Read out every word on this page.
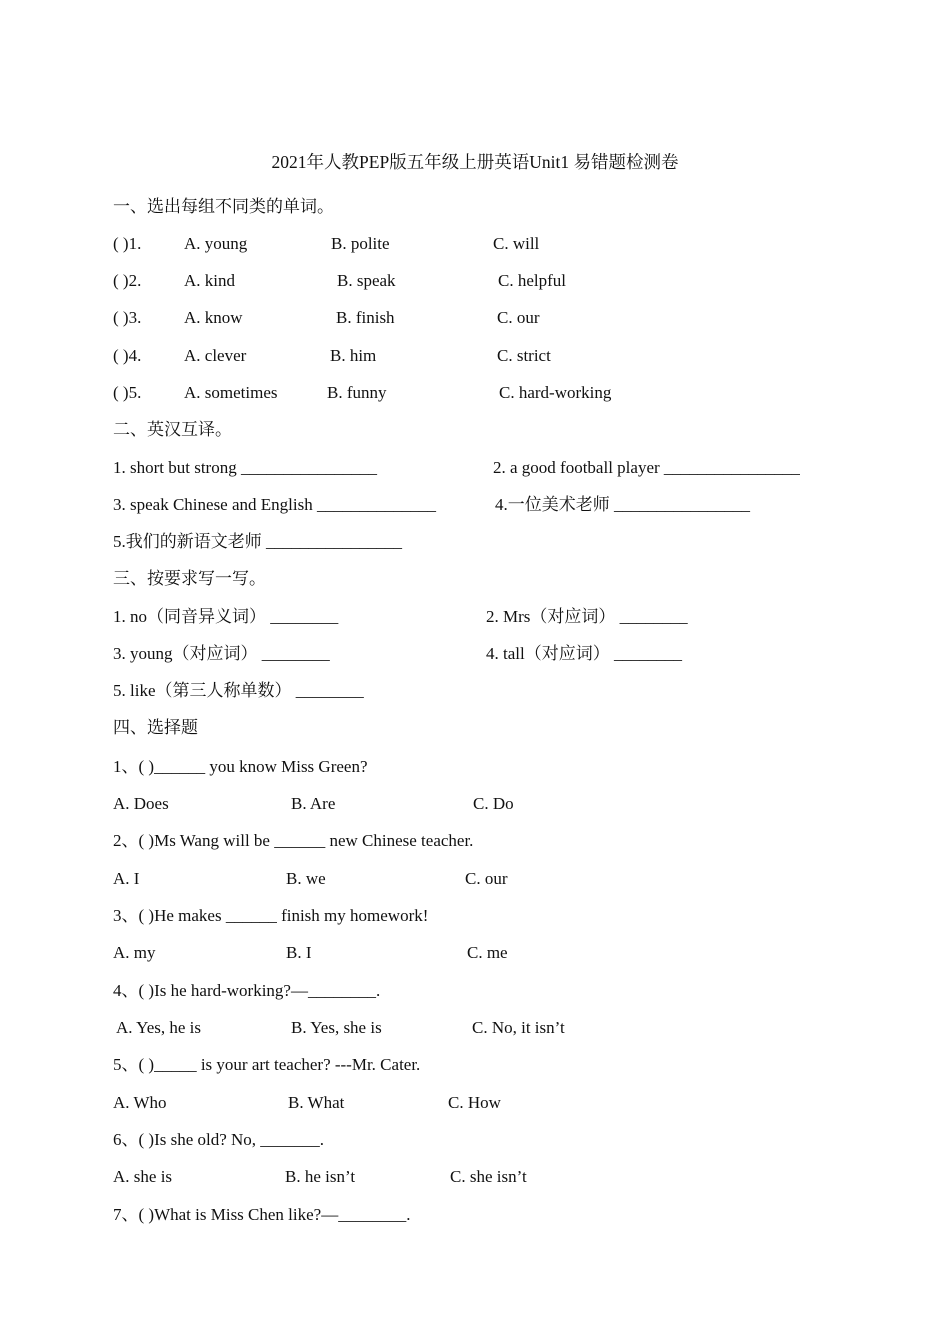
2021年人教PEP版五年级上册英语Unit1 易错题检测卷
一、选出每组不同类的单词。
( )1.	A. young	B. polite	C. will
( )2.	A. kind	B. speak	C. helpful
( )3.	A. know	B. finish	C. our
( )4.	A. clever	B. him	C. strict
( )5.	A. sometimes	B. funny	C. hard-working
二、英汉互译。
1. short but strong ________________	2. a good football player ________________
3. speak Chinese and English ______________	4.一位美术老师 ________________
5.我们的新语文老师 ________________
三、按要求写一写。
1. no（同音异义词） ________	2. Mrs（对应词） ________
3. young（对应词） ________	4. tall（对应词） ________
5. like（第三人称单数） ________
四、选择题
1、( )______ you know Miss Green?
A. Does	B. Are	C. Do
2、( )Ms Wang will be ______ new Chinese teacher.
A. I	B. we	C. our
3、( )He makes ______ finish my homework!
A. my	B. I	C. me
4、( )Is he hard-working?—________.
A. Yes, he is	B. Yes, she is	C. No, it isn’t
5、( )_____ is your art teacher? ---Mr. Cater.
A. Who	B. What	C. How
6、( )Is she old? No, _______.
A. she is	B. he isn’t	C. she isn’t
7、( )What is Miss Chen like?—________.
